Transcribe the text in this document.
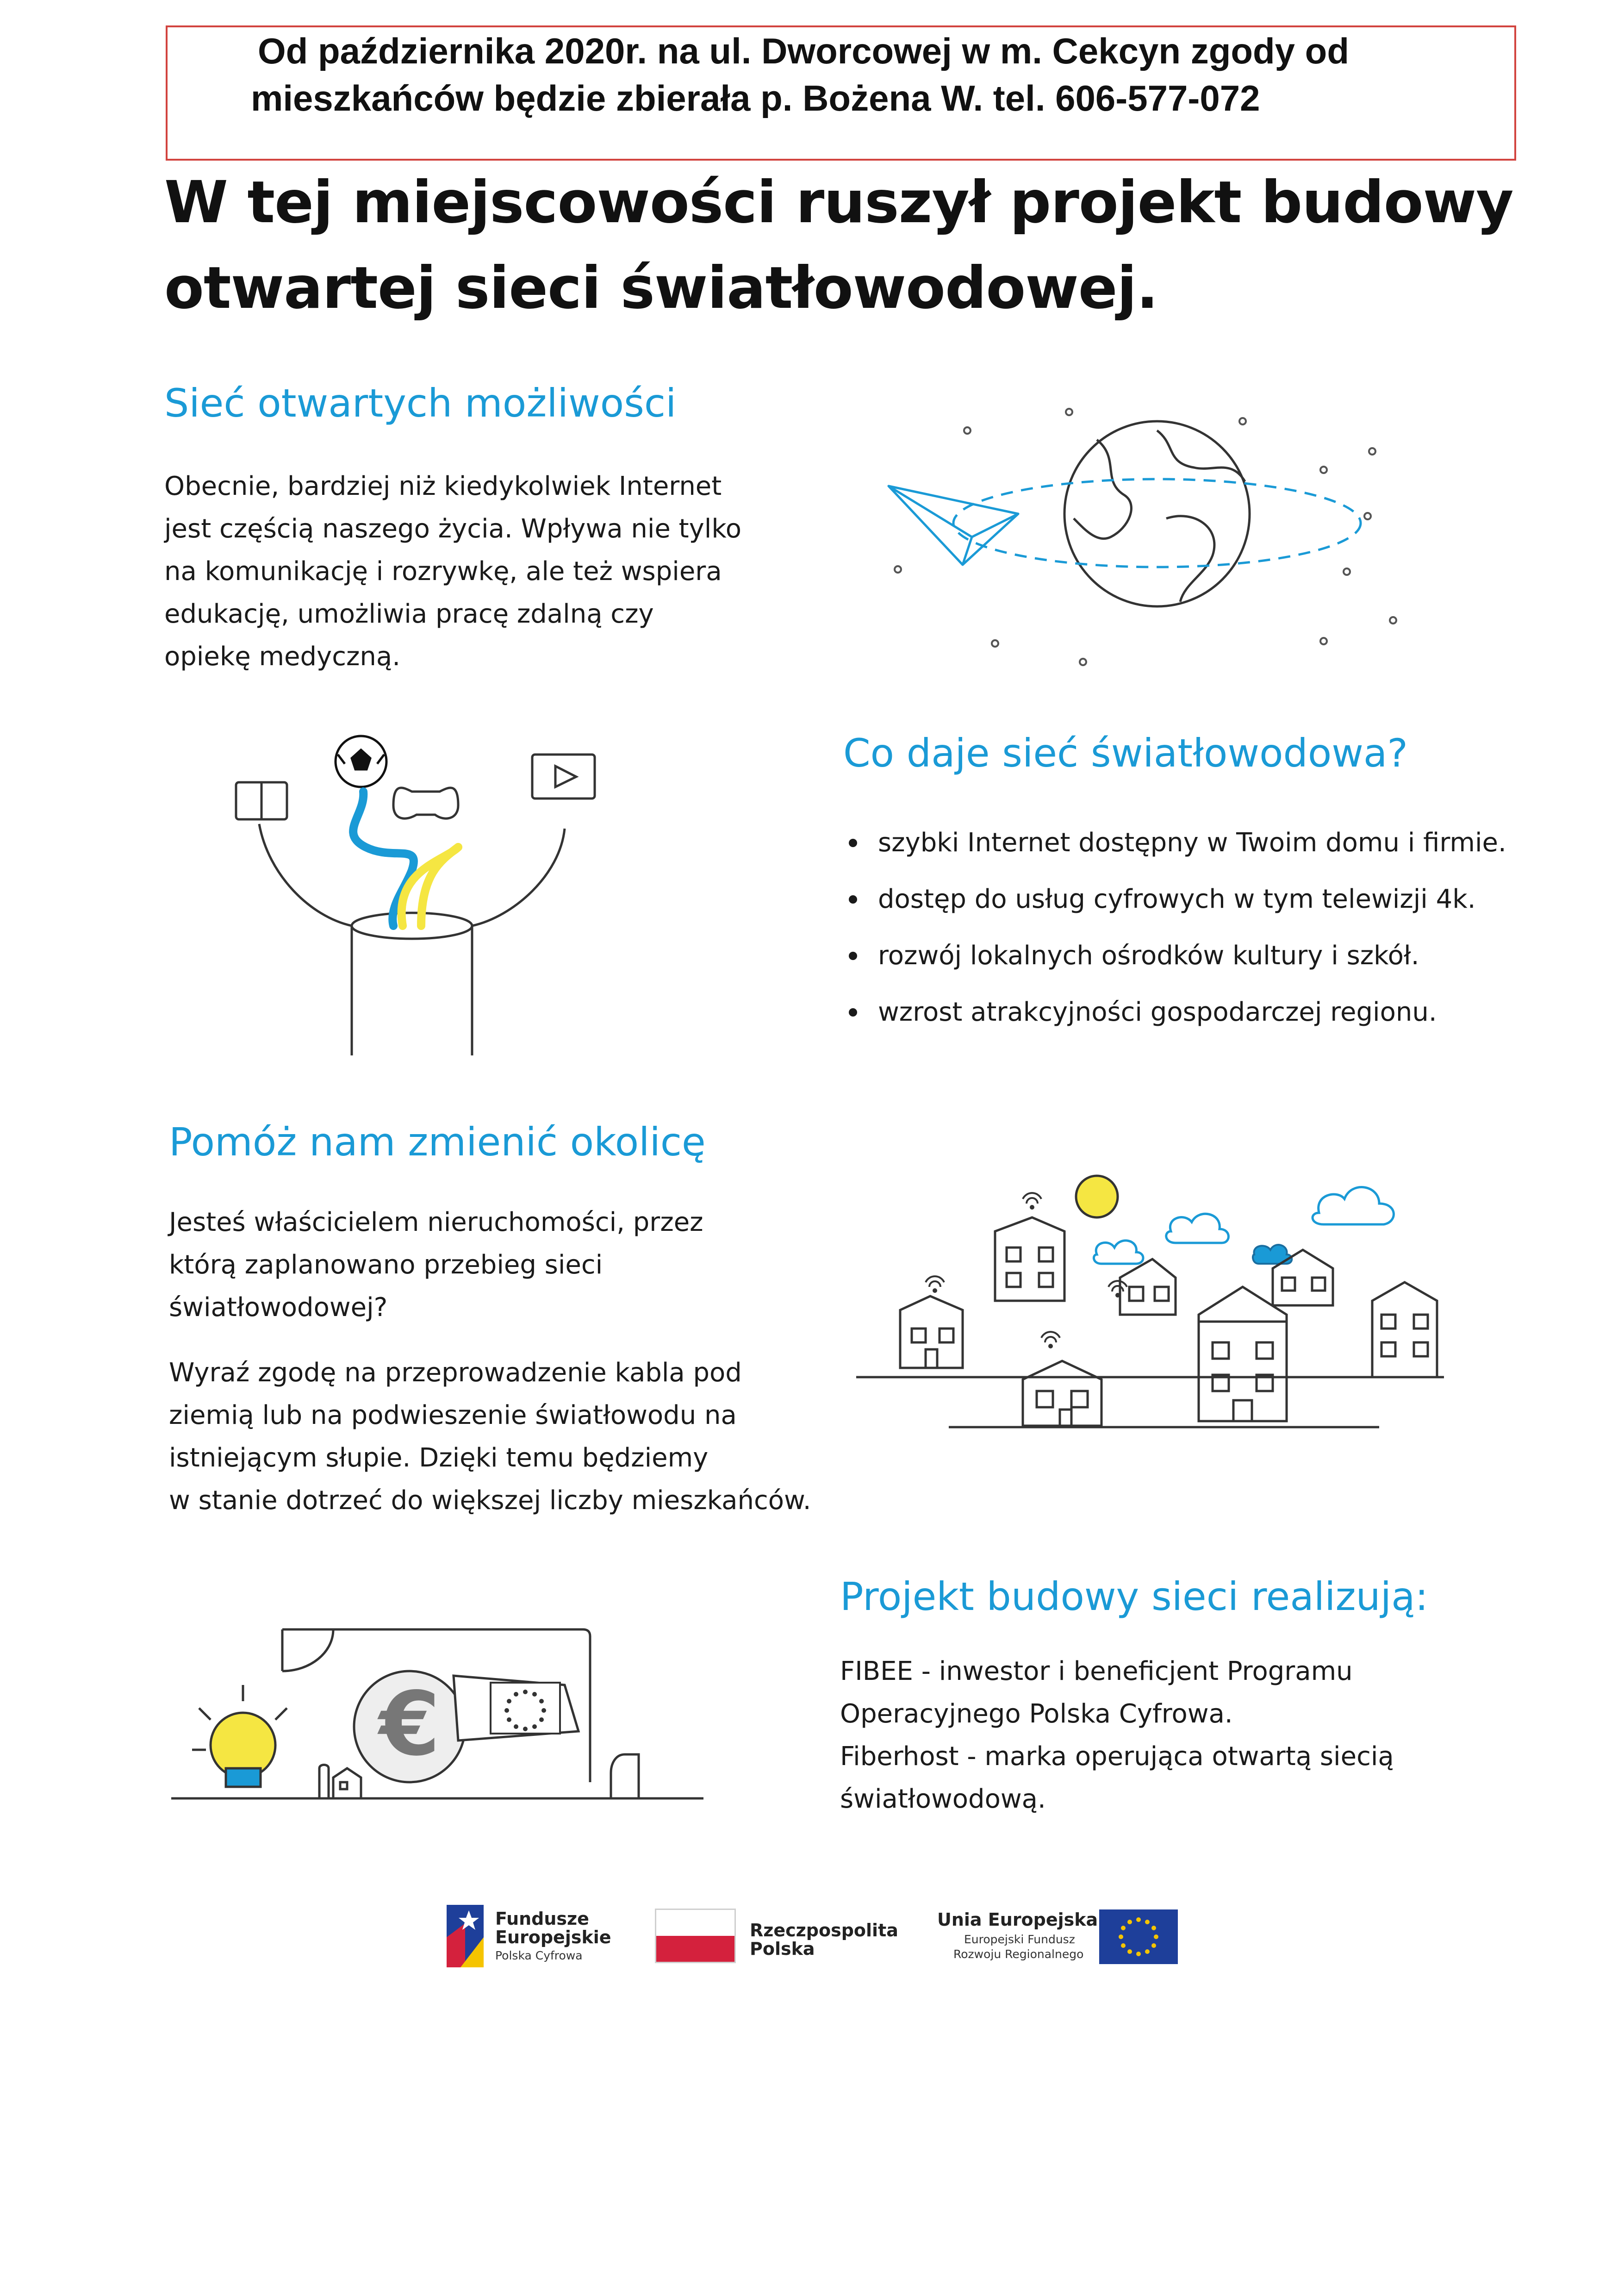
Od października 2020r. na ul. Dworcowej w m. Cekcyn zgody od
mieszkańców będzie zbierała p. Bożena W. tel. 606-577-072
W tej miejscowości ruszył projekt budowy
otwartej sieci światłowodowej.
Sieć otwartych możliwości
Obecnie, bardziej niż kiedykolwiek Internet
jest częścią naszego życia. Wpływa nie tylko
na komunikację i rozrywkę, ale też wspiera
edukację, umożliwia pracę zdalną czy
opiekę medyczną.
Co daje sieć światłowodowa?
szybki Internet dostępny w Twoim domu i firmie.
dostęp do usług cyfrowych w tym telewizji 4k.
rozwój lokalnych ośrodków kultury i szkół.
wzrost atrakcyjności gospodarczej regionu.
Pomóż nam zmienić okolicę
Jesteś właścicielem nieruchomości, przez
którą zaplanowano przebieg sieci
światłowodowej?
Wyraź zgodę na przeprowadzenie kabla pod
ziemią lub na podwieszenie światłowodu na
istniejącym słupie. Dzięki temu będziemy
w stanie dotrzeć do większej liczby mieszkańców.
€
Projekt budowy sieci realizują:
FIBEE - inwestor i beneficjent Programu
Operacyjnego Polska Cyfrowa.
Fiberhost - marka operująca otwartą siecią
światłowodową.
Fundusze
Europejskie
Polska Cyfrowa
Rzeczpospolita
Polska
Unia Europejska
Europejski Fundusz
Rozwoju Regionalnego
